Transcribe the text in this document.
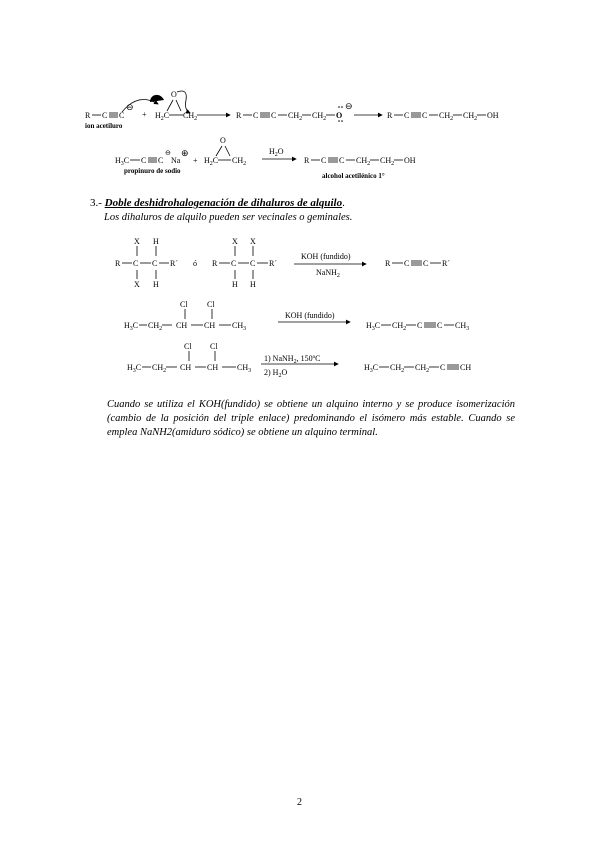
R C C
⊖
+ $H_2C$
O
$CH_2$	R C C $CH_2$ $CH_2$ O
⊖
R C C $CH_2$ $CH_2$ OH
ion acetiluro
$H_3C$ C C
⊖
Na
⊕
+ $H_2C$
O
$CH_2$
$H_2O$
R C C $CH_2$ $CH_2$ OH
propinuro de sodio
alcohol acetilénico 1°
X H
R C C R´
X H
ó
X X
R C C R´
H H
KOH (fundido)
NaNH$_2$
R C C R´
Cl Cl
$H_3C$ $CH_2$ CH CH $CH_3$
KOH (fundido)
$H_3C$ $CH_2$ C C $CH_3$
Cl Cl
$H_3C$ $CH_2$ CH CH $CH_3$
1) NaNH$_2$, 150ºC
2) $H_2O$
$H_3C$ $CH_2$ $CH_2$ C CH
3.- Doble deshidrohalogenación de dihaluros de alquilo.
Los dihaluros de alquilo pueden ser vecinales o geminales.
Cuando se utiliza el KOH(fundido) se obtiene un alquino interno y se produce isomerización (cambio de la posición del triple enlace) predominando el isómero más estable. Cuando se emplea NaNH2(amiduro sódico) se obtiene un alquino terminal.
2
